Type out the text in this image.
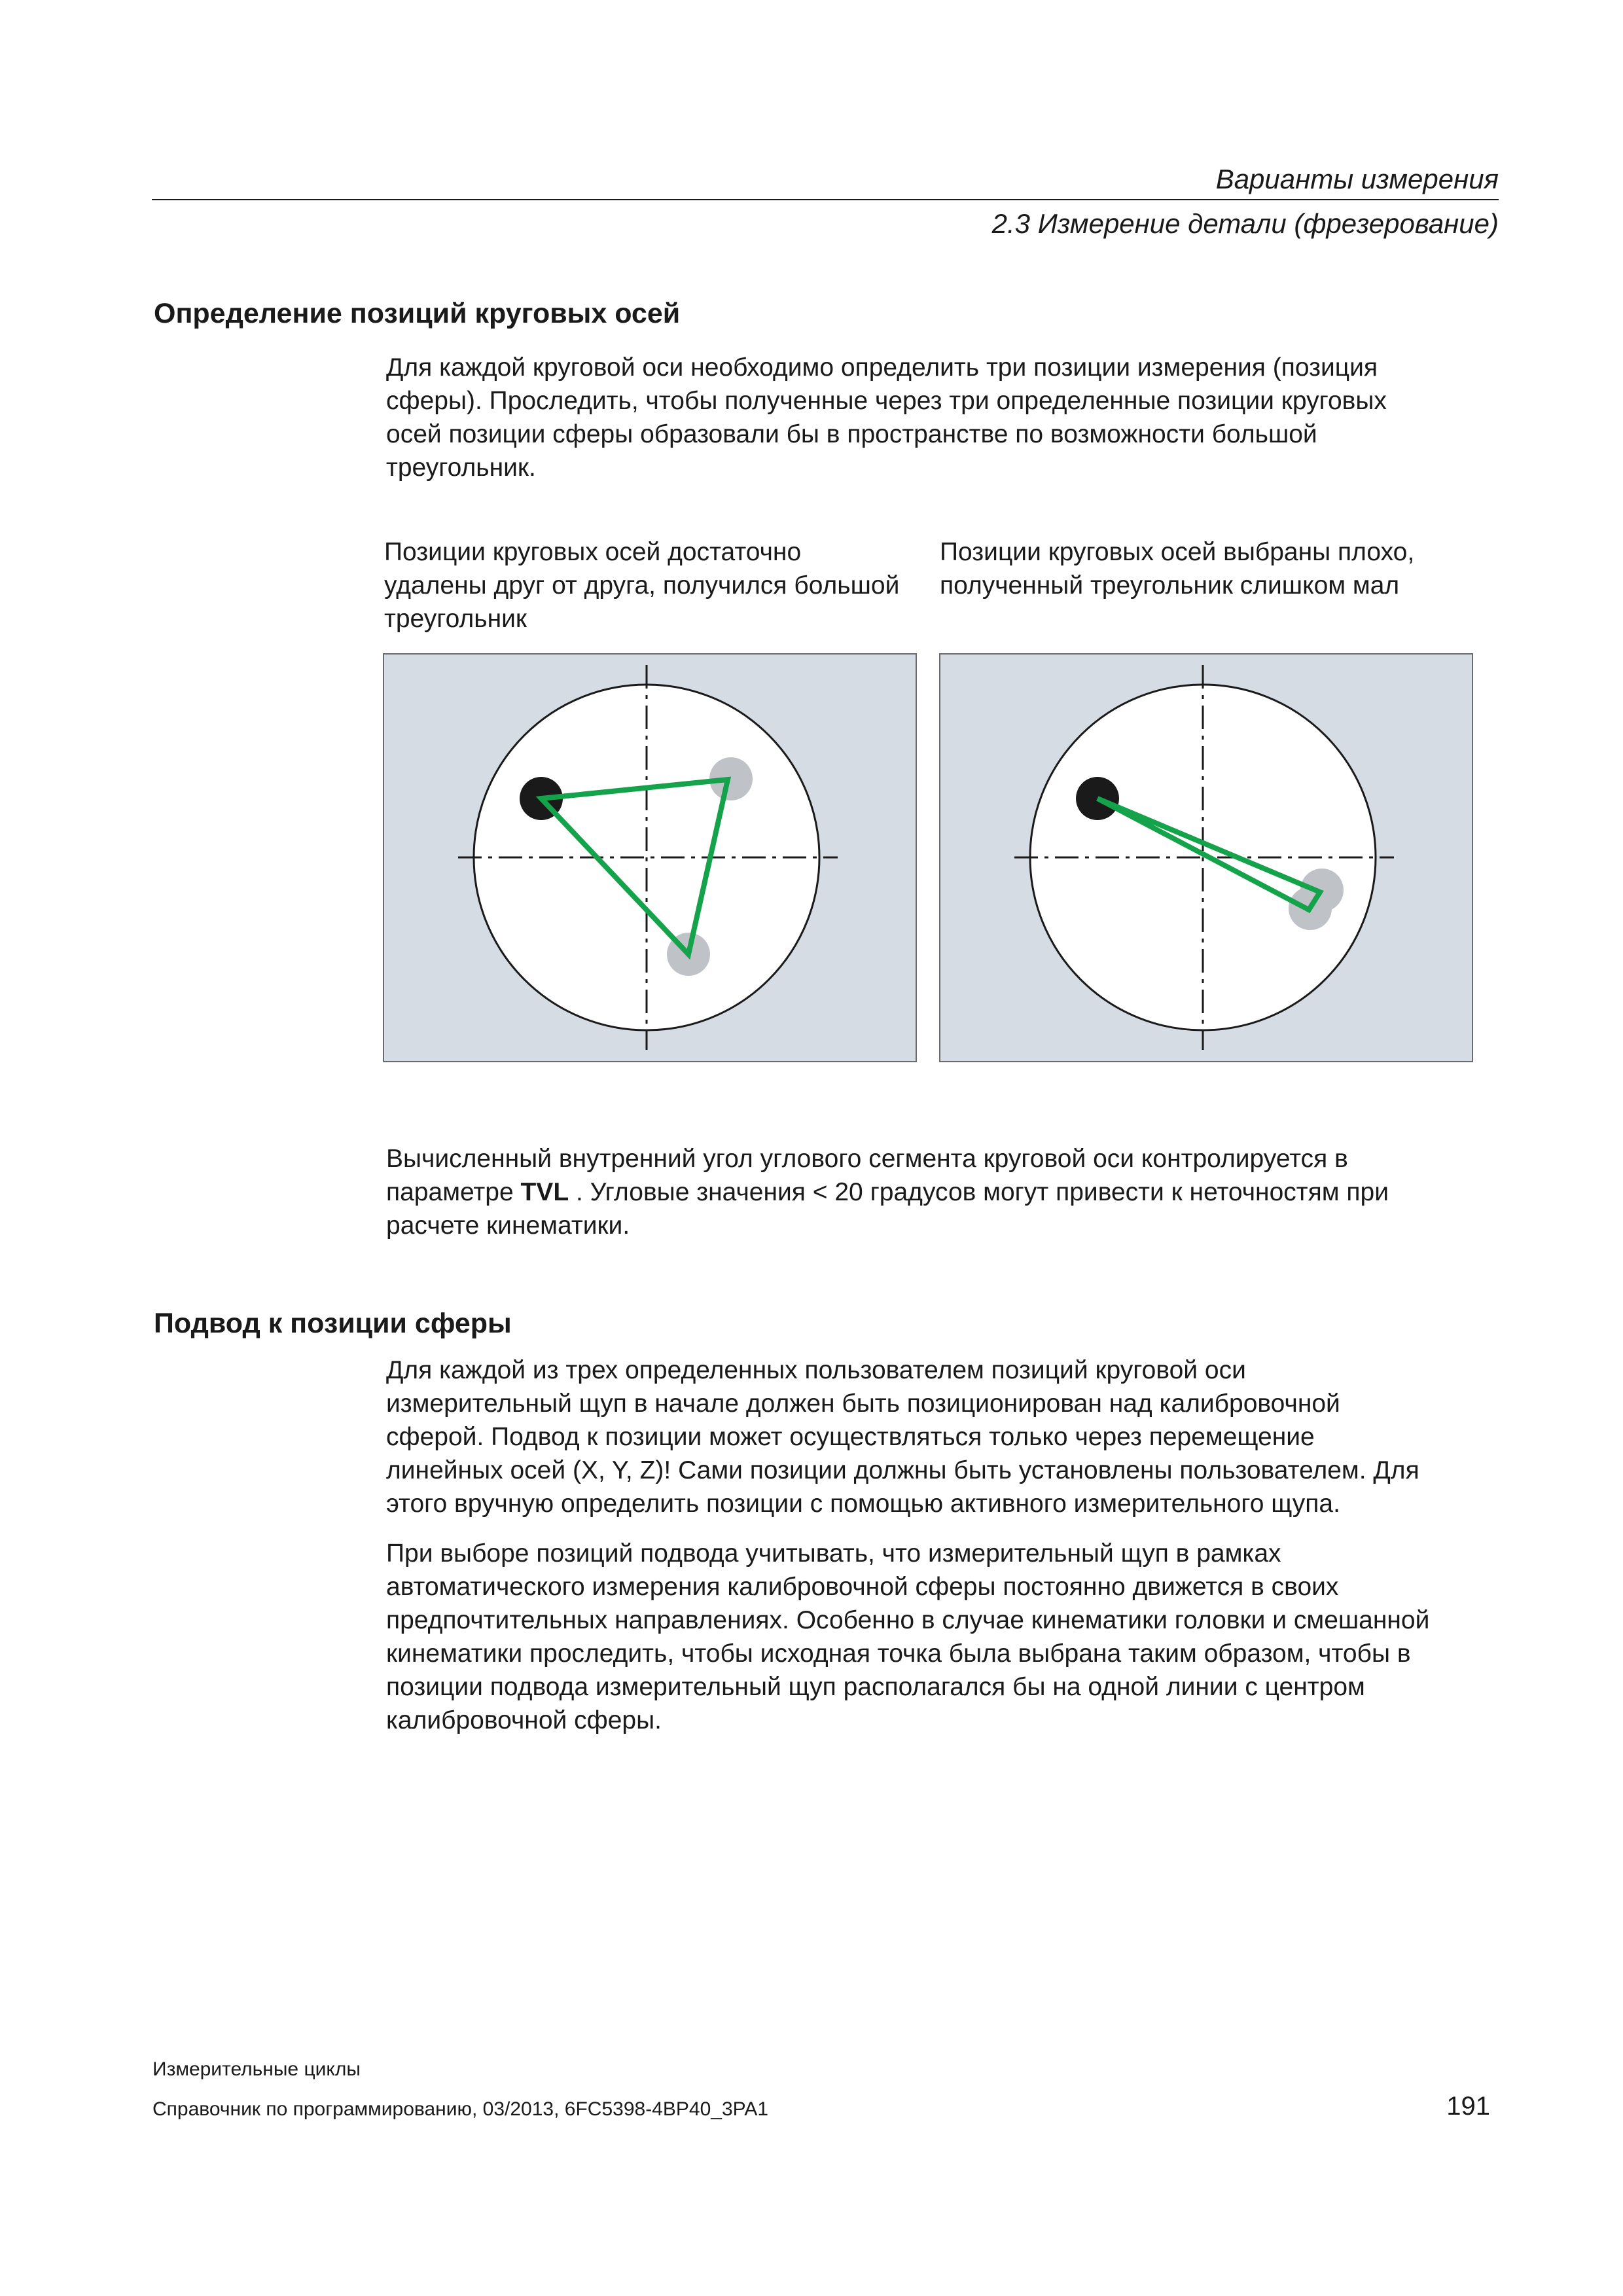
Варианты измерения
2.3 Измерение детали (фрезерование)
Определение позиций круговых осей

Для каждой круговой оси необходимо определить три позиции измерения (позиция

сферы). Проследить, чтобы полученные через три определенные позиции круговых

осей позиции сферы образовали бы в пространстве по возможности большой

треугольник.

Позиции круговых осей достаточно

удалены друг от друга, получился большой

треугольник

Позиции круговых осей выбраны плохо,

полученный треугольник слишком мал

Вычисленный внутренний угол углового сегмента круговой оси контролируется в

параметре TVL . Угловые значения < 20 градусов могут привести к неточностям при

расчете кинематики.

Подвод к позиции сферы

Для каждой из трех определенных пользователем позиций круговой оси

измерительный щуп в начале должен быть позиционирован над калибровочной

сферой. Подвод к позиции может осуществляться только через перемещение

линейных осей (X, Y, Z)! Сами позиции должны быть установлены пользователем. Для

этого вручную определить позиции с помощью активного измерительного щупа.

При выборе позиций подвода учитывать, что измерительный щуп в рамках

автоматического измерения калибровочной сферы постоянно движется в своих

предпочтительных направлениях. Особенно в случае кинематики головки и смешанной

кинематики проследить, чтобы исходная точка была выбрана таким образом, чтобы в

позиции подвода измерительный щуп располагался бы на одной линии с центром

калибровочной сферы.

Измерительные циклы
Справочник по программированию, 03/2013, 6FC5398-4BP40_3PA1	191
